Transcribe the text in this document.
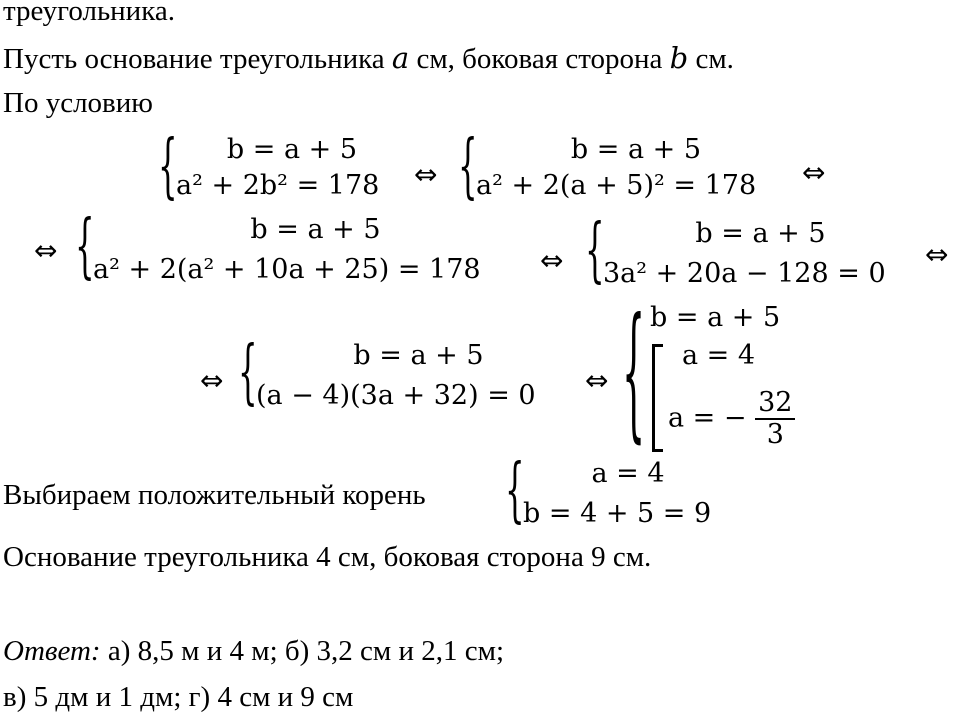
треугольника.
Пусть основание треугольника a см, боковая сторона b см.
По условию
{	b = a + 5
a² + 2b² = 178 ⇔ {	b = a + 5
a² + 2(a + 5)² = 178 ⇔
⇔ {	b = a + 5
a² + 2(a² + 10a + 25) = 178 ⇔ {	b = a + 5
3a² + 20a − 128 = 0
⇔
⇔ {	b = a + 5
(a − 4)(3a + 32) = 0 ⇔ { b = a + 5
a = 4
a = − $\frac{32}{3}$
Выбираем положительный корень {	a = 4
b = 4 + 5 = 9
Основание треугольника 4 см, боковая сторона 9 см.
Ответ: а) 8,5 м и 4 м; б) 3,2 см и 2,1 см;
в) 5 дм и 1 дм; г) 4 см и 9 см
